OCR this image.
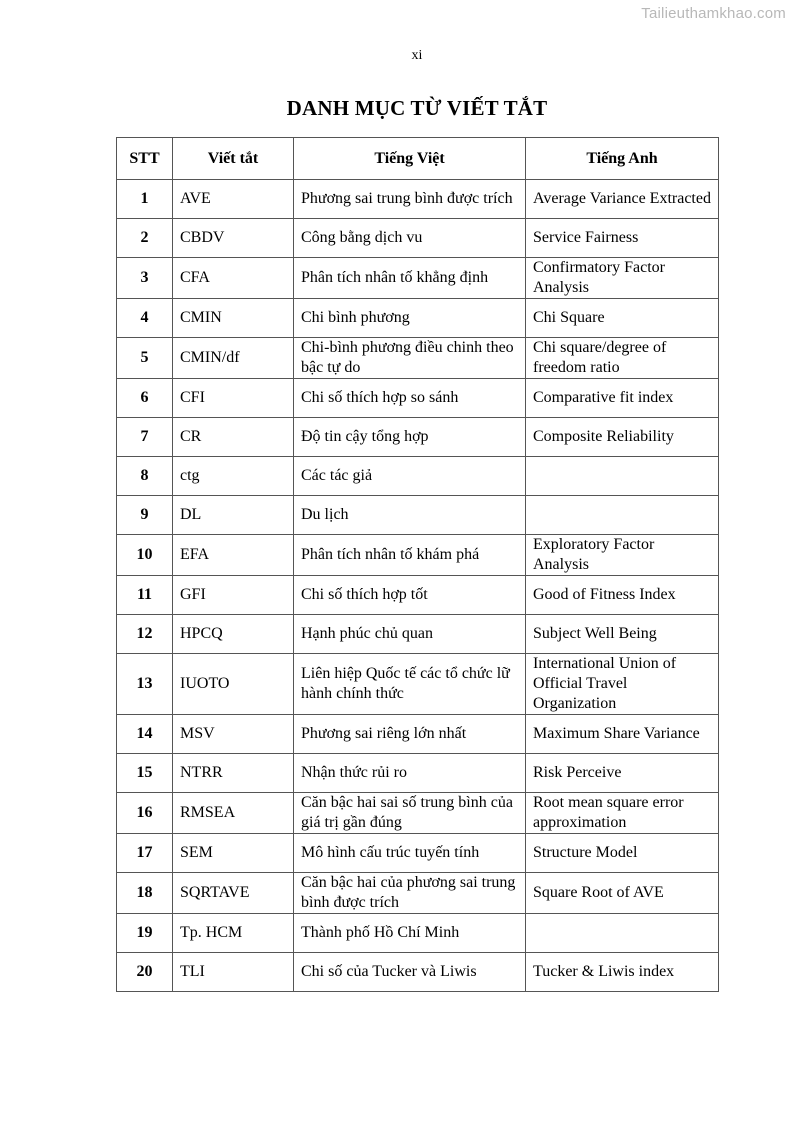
Tailieuthamkhao.com
xi
DANH MỤC TỪ VIẾT TẮT
STT	Viết tắt	Tiếng Việt	Tiếng Anh
1	AVE	Phương sai trung bình được trích	Average Variance Extracted
2	CBDV	Công bằng dịch vu	Service Fairness
3	CFA	Phân tích nhân tố khẳng định	Confirmatory Factor Analysis
4	CMIN	Chi bình phương	Chi Square
5	CMIN/df	Chi-bình phương điều chinh theo bậc tự do	Chi square/degree of freedom ratio
6	CFI	Chi số thích hợp so sánh	Comparative fit index
7	CR	Độ tin cậy tổng hợp	Composite Reliability
8	ctg	Các tác giả	
9	DL	Du lịch	
10	EFA	Phân tích nhân tố khám phá	Exploratory Factor Analysis
11	GFI	Chi số thích hợp tốt	Good of Fitness Index
12	HPCQ	Hạnh phúc chủ quan	Subject Well Being
13	IUOTO	Liên hiệp Quốc tế các tổ chức lữ hành chính thức	International Union of Official Travel Organization
14	MSV	Phương sai riêng lớn nhất	Maximum Share Variance
15	NTRR	Nhận thức rủi ro	Risk Perceive
16	RMSEA	Căn bậc hai sai số trung bình của giá trị gần đúng	Root mean square error approximation
17	SEM	Mô hình cấu trúc tuyến tính	Structure Model
18	SQRTAVE	Căn bậc hai của phương sai trung bình được trích	Square Root of AVE
19	Tp. HCM	Thành phố Hồ Chí Minh	
20	TLI	Chi số của Tucker và Liwis	Tucker & Liwis index
